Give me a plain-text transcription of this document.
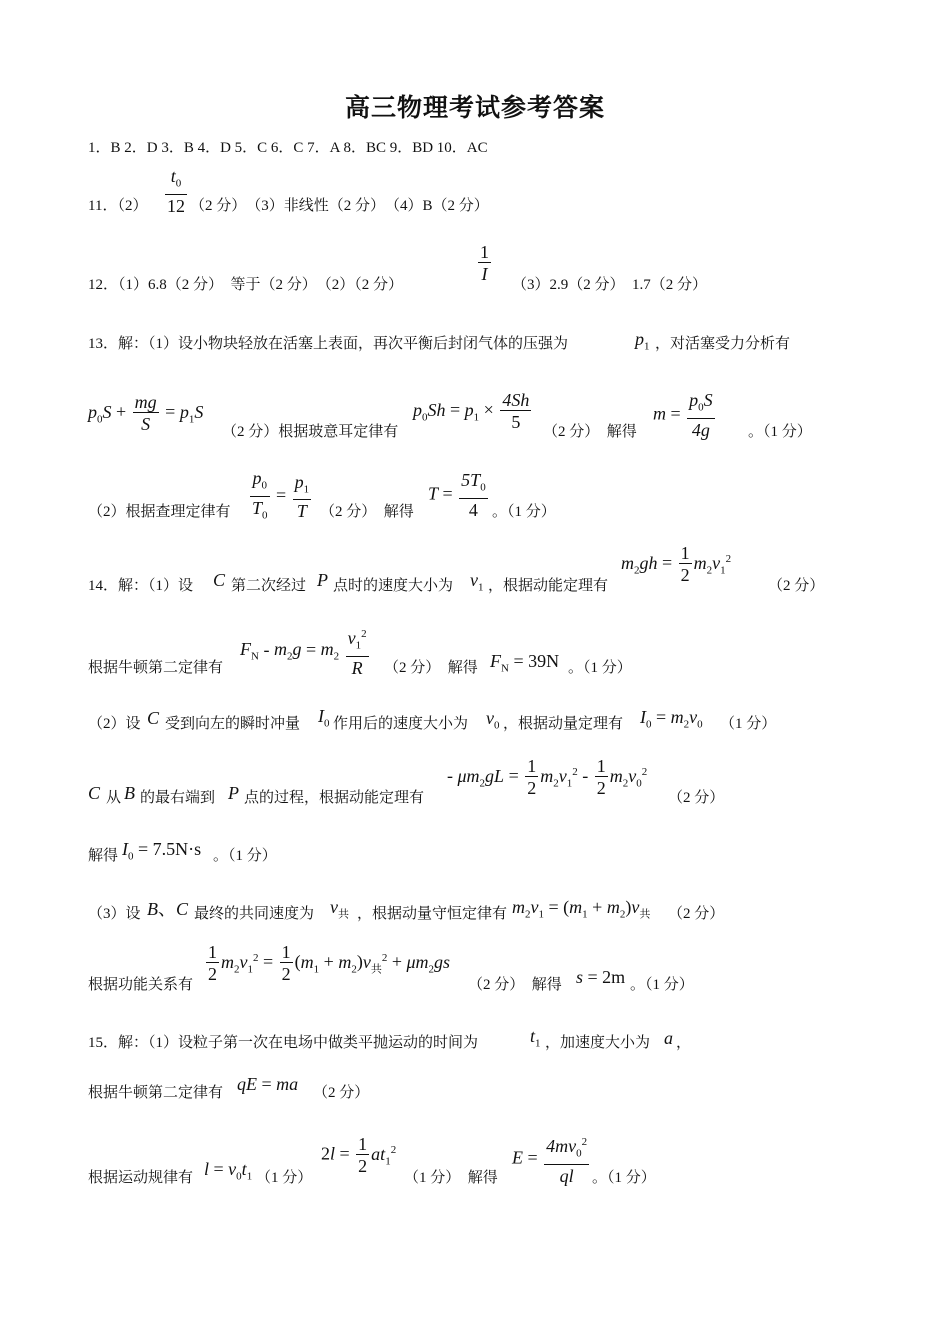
高三物理考试参考答案
1．B 2．D 3．B 4．D 5．C 6．C 7．A 8．BC 9．BD 10．AC
11．$(2) \frac{t_0}{12} (2$ 分）　（3）非线性（2 分）　（4）B（2 分）
12．（1）6.8（2 分）　等于（2 分）　（2）（2 分）	$\frac{1}{I} (3)2.9(2$ 分）　1.7（2 分）
13．解：（1）设小物块轻放在活塞上表面，再次平衡后封闭气体的压强为	$p_1$ ，对活塞受力分析有
$p_0S + \frac{mg}{S} = p_1S$
（2 分）根据玻意耳定律有
$p_0Sh = p_1 \times \frac{4Sh}{5} (2$ 分）　解得
$m = \frac{p_0S}{4g}$ 。（1 分）
（2）根据查理定律有 $\frac{p_0}{T_0} = \frac{p_1}{T} (2$ 分）　解得
$T = \frac{5T_0}{4}$ 。（1 分）
14．解：（1）设 C 第二次经过 P 点时的速度大小为 $v_1$ ，根据动能定理有
$m_2gh = \frac{1}{2} m_2v_1^2$
（2 分）
根据牛顿第二定律有
$F_N - m_2g = m_2 \frac{v_1^2}{R} (2$ 分）　解得 $F_N = 39N$ 。（1 分）
（2）设 C 受到向左的瞬时冲量 $I_0$ 作用后的速度大小为 $v_0$ ，根据动量定理有 $I_0 = m_2v_0$ （1 分）
C 从 B 的最右端到 P 点的过程，根据动能定理有
- $\mu m_2gL = \frac{1}{2} m_2v_1^2 - \frac{1}{2} m_2v_0^2$
（2 分）
解得 $I_0 = 7.5N\cdot s$ 。（1 分）
（3）设 B、C 最终的共同速度为 $v_共$ ，根据动量守恒定律有 $m_2v_1 = (m_1 + m_2)v_共$ （2 分）
根据功能关系有 $\frac{1}{2} m_2v_1^2 = \frac{1}{2} (m_1 + m_2)v_共^2 + \mu m_2gs$
（2 分）　解得 s = 2m 。（1 分）
15．解：（1）设粒子第一次在电场中做类平抛运动的时间为	$t_1$ ，加速度大小为 a ，
根据牛顿第二定律有 qE = ma （2 分）
根据运动规律有 $l = v_0t_1$ （1 分）
$2l = \frac{1}{2} at_1^2$
（1 分）　解得
$E = \frac{4mv_0^2}{ql}$ 。（1 分）
